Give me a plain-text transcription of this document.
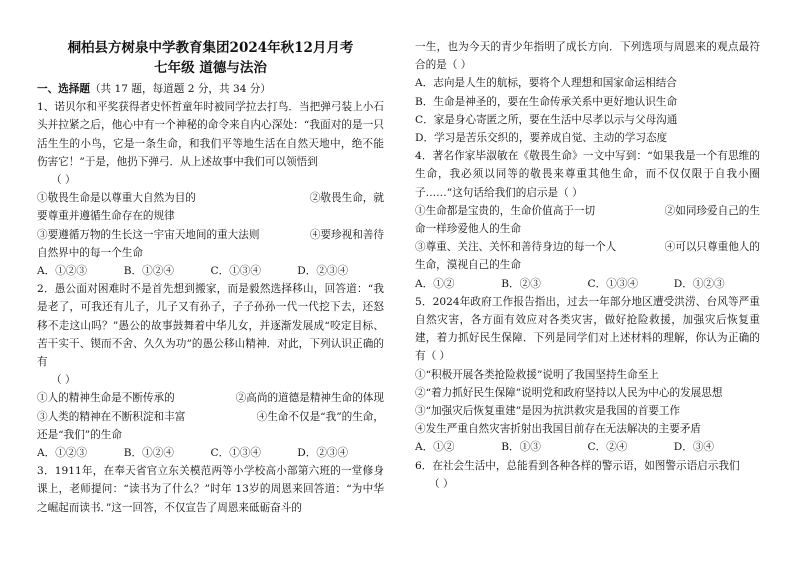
桐柏县方树泉中学教育集团2024年秋12月月考
七年级 道德与法治
一、选择题（共 17 题，每道题 2 分，共 34 分）

1、诺贝尔和平奖获得者史怀哲童年时被同学拉去打鸟．当把弹弓装上小石头并拉紧之后，他心中有一个神秘的命令来自内心深处：“我面对的是一只活生生的小鸟，它是一条生命，和我们平等地生活在自然天地中，绝不能伤害它！”于是，他扔下弹弓．从上述故事中我们可以领悟到

（ ）

①敬畏生命是以尊重大自然为目的	②敬畏生命，就

要尊重并遵循生命存在的规律

③要遵循万物的生长这一宇宙天地间的重大法则	④要珍视和善待

自然界中的每一个生命

A．①②③	B．①②④	C．①③④	D．②③④

2．愚公面对困难时不是首先想到搬家，而是毅然选择移山，回答道：“我是老了，可我还有儿子，儿子又有孙子，子子孙孙一代一代挖下去，还怒移不走这山吗？”愚公的故事鼓舞着中华儿女，并逐渐发展成“咬定目标、苦干实干、锲而不舍、久久为功”的愚公移山精神．对此，下列认识正确的有

（ ）

①人的精神生命是不断传承的	②高尚的道德是精神生命的体现
③人类的精神在不断积淀和丰富	④生命不仅是“我”的生命，

还是“我们”的生命

A．①②③	B．①②④	C．①③④	D．②③④

3．1911年，在奉天省官立东关模范两等小学校高小部第六班的一堂修身课上，老师提问：“读书为了什么？”时年 13岁的周恩来回答道：“为中华之崛起而读书．”这一回答，不仅宣告了周恩来砥砺奋斗的

一生，也为今天的青少年指明了成长方向．下列选项与周恩来的观点最符合的是（ ）

A．志向是人生的航标，要将个人理想和国家命运相结合

B．生命是神圣的，要在生命传承关系中更好地认识生命

C．家是身心寄匿之所，要在生活中尽孝以示与父母沟通

D．学习是苦乐交织的，要养成自觉、主动的学习态度

4．著名作家毕淑敏在《敬畏生命》一文中写到：“如果我是一个有思维的生命，我必须以同等的敬畏来尊重其他生命，而不仅仅限于自我小圈子……”这句话给我们的启示是（ ）

①生命都是宝贵的，生命价值高于一切	②如同珍爱自己的生

命一样珍爱他人的生命

③尊重、关注、关怀和善待身边的每一个人	④可以只尊重他人的

生命，漠视自己的生命

A．①②	B．②③	C．①③④	D．①②③

5．2024年政府工作报告指出，过去一年部分地区遭受洪涝、台风等严重自然灾害，各方面有效应对各类灾害，做好抢险救援，加强灾后恢复重建，着力抓好民生保障．下列是同学们对上述材料的理解，你认为正确的有（ ）

①“积极开展各类抢险救援”说明了我国坚持生命至上

②“着力抓好民生保障”说明党和政府坚持以人民为中心的发展思想

③“加强灾后恢复重建”是因为抗洪救灾是我国的首要工作

④发生严重自然灾害折射出我国目前存在无法解决的主要矛盾

A．①②	B．①③	C．②④	D．③④

6．在社会生活中，总能看到各种各样的警示语，如图警示语启示我们

（ ）
